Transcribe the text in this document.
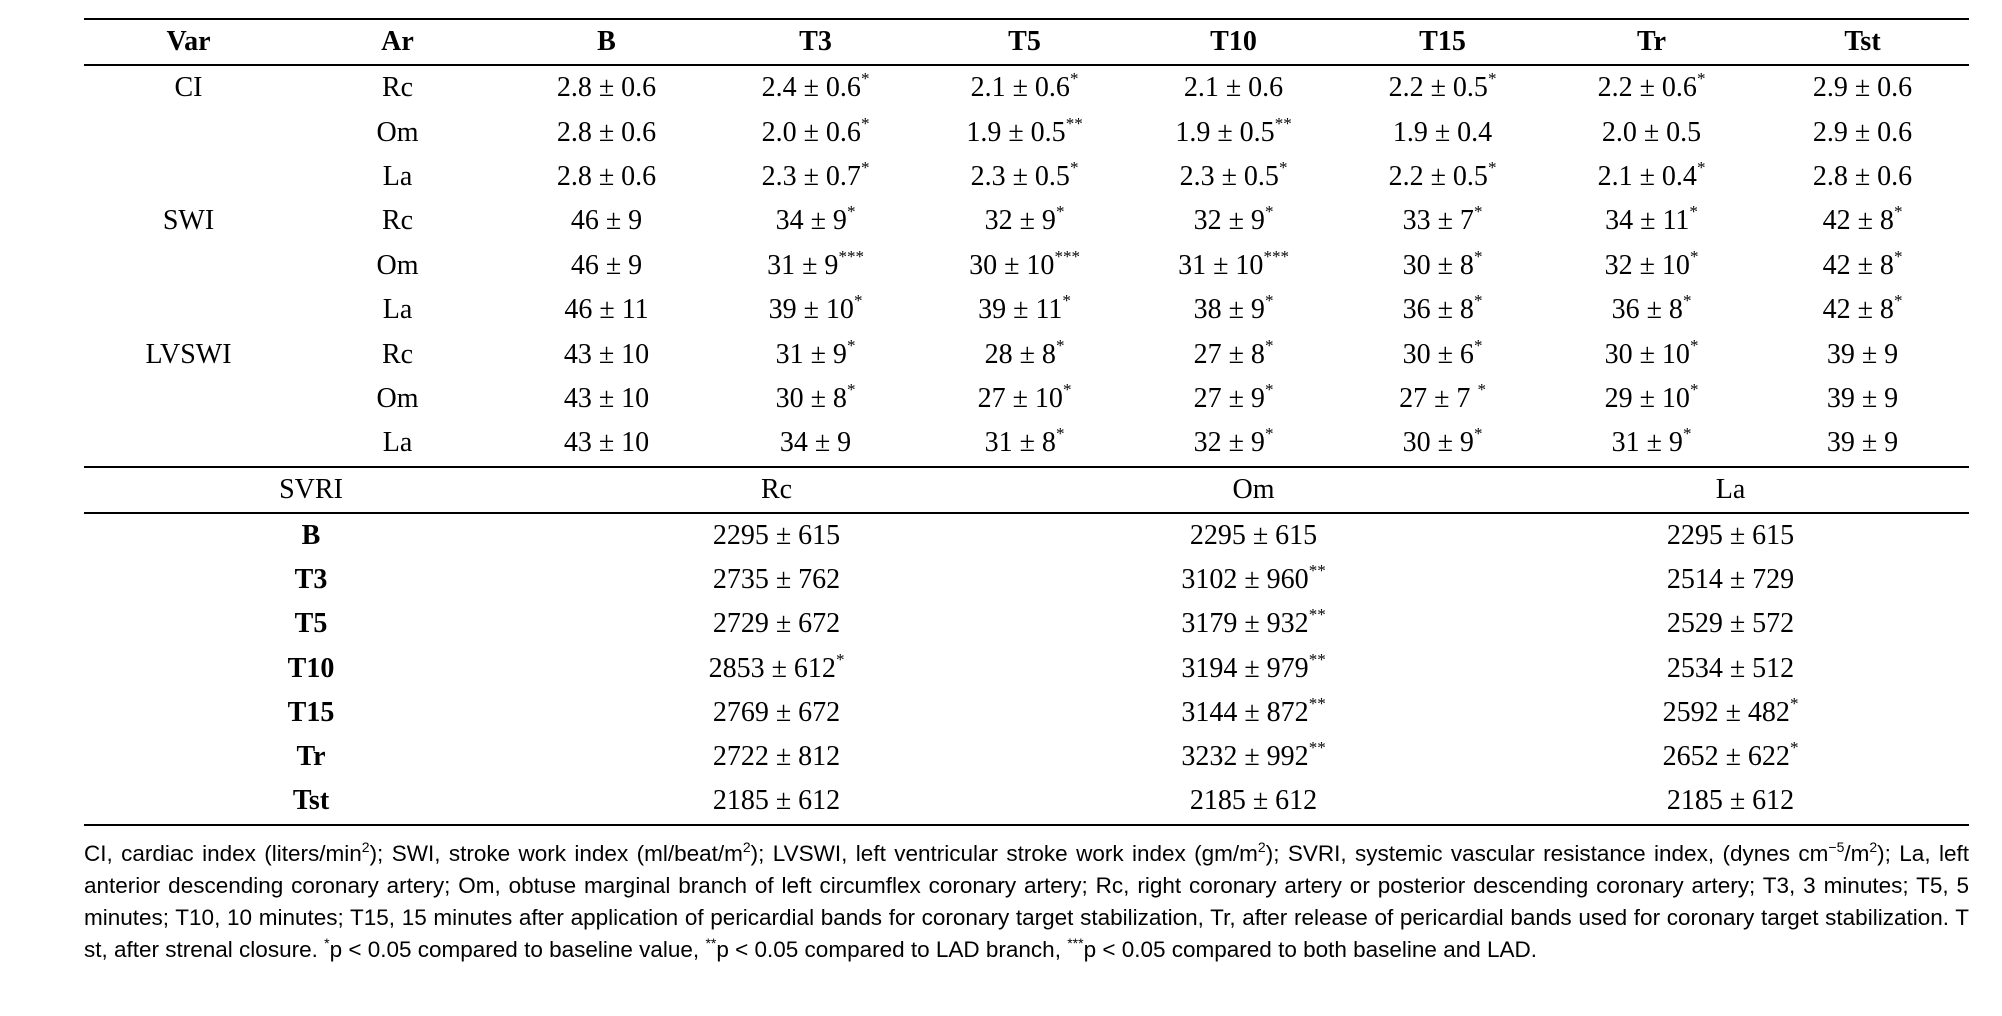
Var	Ar	B	T3	T5	T10	T15	Tr	Tst
CI	Rc	2.8 ± 0.6	2.4 ± 0.6*	2.1 ± 0.6*	2.1 ± 0.6	2.2 ± 0.5*	2.2 ± 0.6*	2.9 ± 0.6
	Om	2.8 ± 0.6	2.0 ± 0.6*	1.9 ± 0.5**	1.9 ± 0.5**	1.9 ± 0.4	2.0 ± 0.5	2.9 ± 0.6
	La	2.8 ± 0.6	2.3 ± 0.7*	2.3 ± 0.5*	2.3 ± 0.5*	2.2 ± 0.5*	2.1 ± 0.4*	2.8 ± 0.6
SWI	Rc	46 ± 9	34 ± 9*	32 ± 9*	32 ± 9*	33 ± 7*	34 ± 11*	42 ± 8*
	Om	46 ± 9	31 ± 9***	30 ± 10***	31 ± 10***	30 ± 8*	32 ± 10*	42 ± 8*
	La	46 ± 11	39 ± 10*	39 ± 11*	38 ± 9*	36 ± 8*	36 ± 8*	42 ± 8*
LVSWI	Rc	43 ± 10	31 ± 9*	28 ± 8*	27 ± 8*	30 ± 6*	30 ± 10*	39 ± 9
	Om	43 ± 10	30 ± 8*	27 ± 10*	27 ± 9*	27 ± 7 *	29 ± 10*	39 ± 9
	La	43 ± 10	34 ± 9	31 ± 8*	32 ± 9*	30 ± 9*	31 ± 9*	39 ± 9
SVRI	Rc	Om	La
B	2295 ± 615	2295 ± 615	2295 ± 615
T3	2735 ± 762	3102 ± 960**	2514 ± 729
T5	2729 ± 672	3179 ± 932**	2529 ± 572
T10	2853 ± 612*	3194 ± 979**	2534 ± 512
T15	2769 ± 672	3144 ± 872**	2592 ± 482*
Tr	2722 ± 812	3232 ± 992**	2652 ± 622*
Tst	2185 ± 612	2185 ± 612	2185 ± 612
CI, cardiac index $(liters/\min^2)$; SWI, stroke work index $(ml/beat/m^2)$; LVSWI, left ventricular stroke work index $(gm/m^2)$; SVRI, systemic vascular resistance index, (dynes $cm^{-5}/m^2$); La, left anterior descending coronary artery; Om, obtuse marginal branch of left circumflex coronary artery; Rc, right coronary artery or posterior descending coronary artery; T3, 3 minutes; T5, 5 minutes; T10, 10 minutes; T15, 15 minutes after application of pericardial bands for coronary target stabilization, Tr, after release of pericardial bands used for coronary target stabilization. T st, after strenal closure. *p < 0.05 compared to baseline value, **p < 0.05 compared to LAD branch, ***p < 0.05 compared to both baseline and LAD.
